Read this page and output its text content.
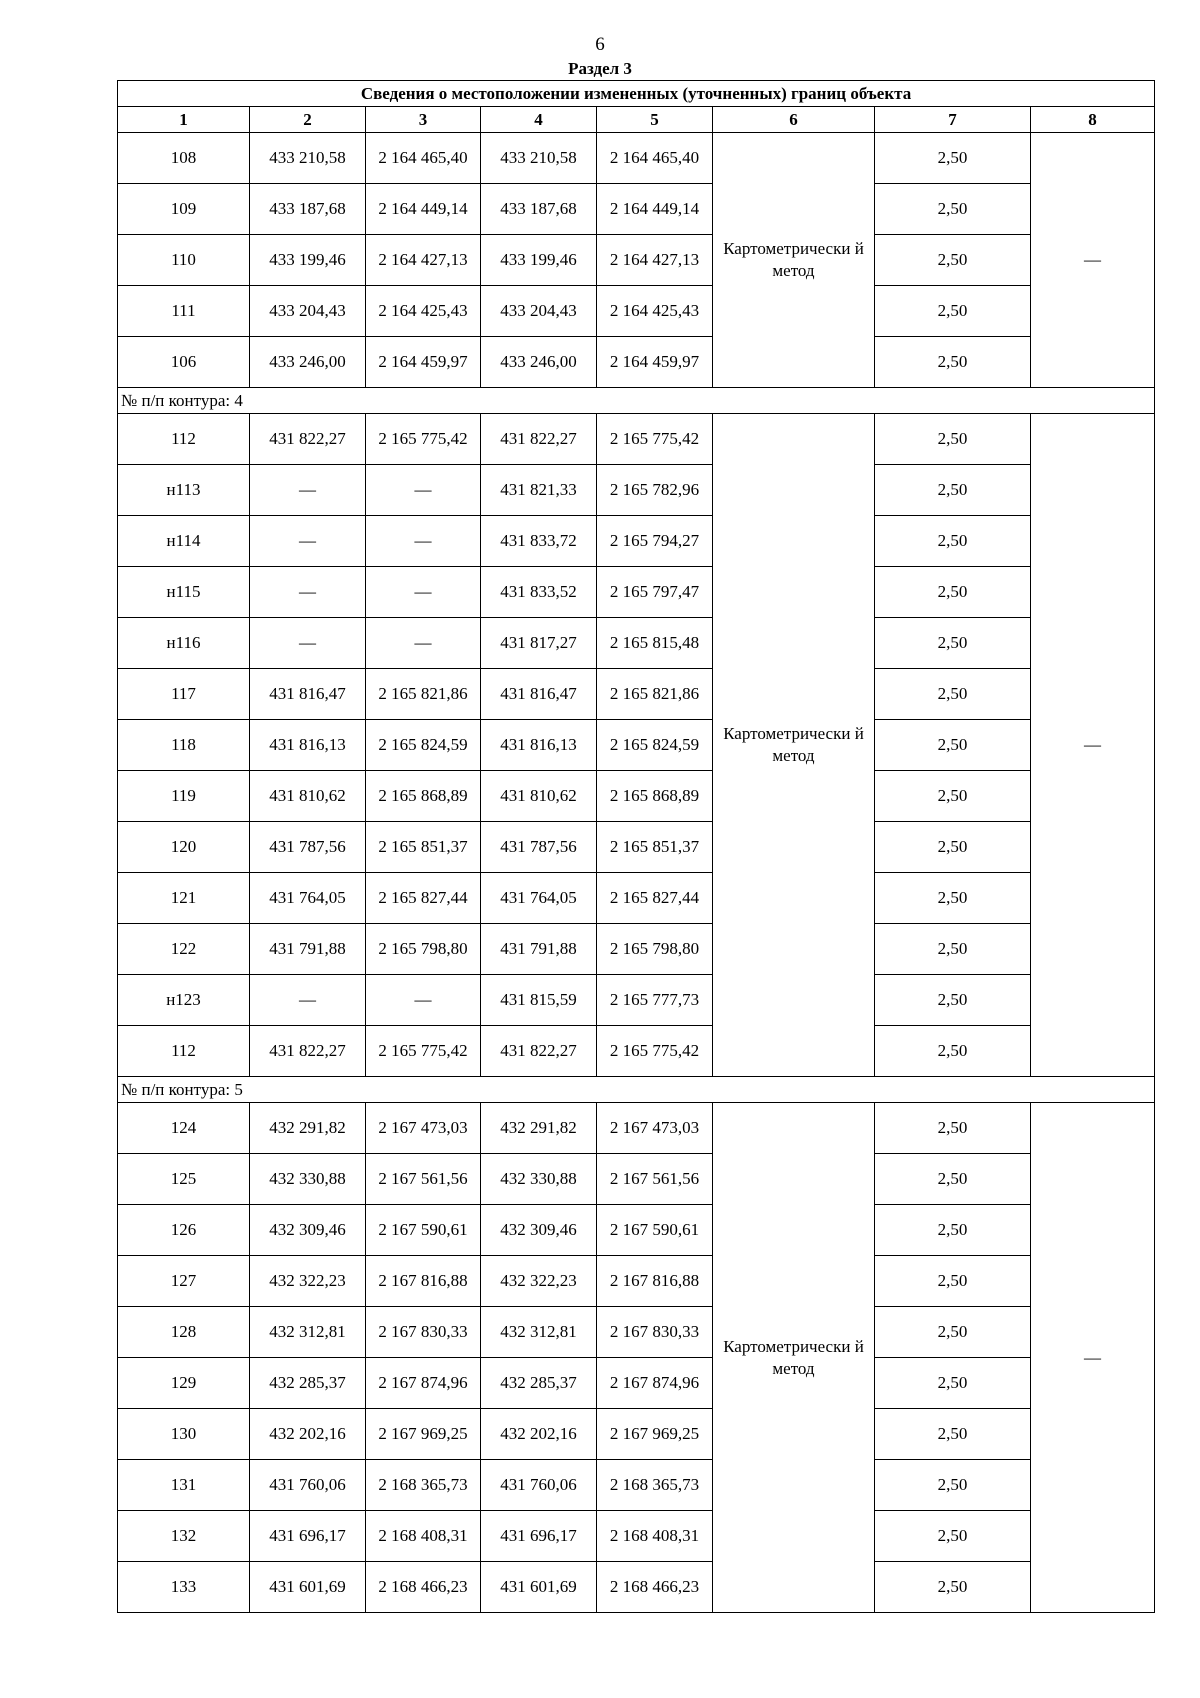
6
Раздел 3
Сведения о местоположении измененных (уточненных) границ объекта							
1	2	3	4	5	6	7	8
108	433 210,58	2 164 465,40	433 210,58	2 164 465,40	Картометрически й метод	2,50	—
109	433 187,68	2 164 449,14	433 187,68	2 164 449,14		2,50	
110	433 199,46	2 164 427,13	433 199,46	2 164 427,13		2,50	
111	433 204,43	2 164 425,43	433 204,43	2 164 425,43		2,50	
106	433 246,00	2 164 459,97	433 246,00	2 164 459,97		2,50	
№ п/п контура: 4							
112	431 822,27	2 165 775,42	431 822,27	2 165 775,42	Картометрически й метод	2,50	—
н113	—	—	431 821,33	2 165 782,96		2,50	
н114	—	—	431 833,72	2 165 794,27		2,50	
н115	—	—	431 833,52	2 165 797,47		2,50	
н116	—	—	431 817,27	2 165 815,48		2,50	
117	431 816,47	2 165 821,86	431 816,47	2 165 821,86		2,50	
118	431 816,13	2 165 824,59	431 816,13	2 165 824,59		2,50	
119	431 810,62	2 165 868,89	431 810,62	2 165 868,89		2,50	
120	431 787,56	2 165 851,37	431 787,56	2 165 851,37		2,50	
121	431 764,05	2 165 827,44	431 764,05	2 165 827,44		2,50	
122	431 791,88	2 165 798,80	431 791,88	2 165 798,80		2,50	
н123	—	—	431 815,59	2 165 777,73		2,50	
112	431 822,27	2 165 775,42	431 822,27	2 165 775,42		2,50	
№ п/п контура: 5							
124	432 291,82	2 167 473,03	432 291,82	2 167 473,03	Картометрически й метод	2,50	—
125	432 330,88	2 167 561,56	432 330,88	2 167 561,56		2,50	
126	432 309,46	2 167 590,61	432 309,46	2 167 590,61		2,50	
127	432 322,23	2 167 816,88	432 322,23	2 167 816,88		2,50	
128	432 312,81	2 167 830,33	432 312,81	2 167 830,33		2,50	
129	432 285,37	2 167 874,96	432 285,37	2 167 874,96		2,50	
130	432 202,16	2 167 969,25	432 202,16	2 167 969,25		2,50	
131	431 760,06	2 168 365,73	431 760,06	2 168 365,73		2,50	
132	431 696,17	2 168 408,31	431 696,17	2 168 408,31		2,50	
133	431 601,69	2 168 466,23	431 601,69	2 168 466,23		2,50	
